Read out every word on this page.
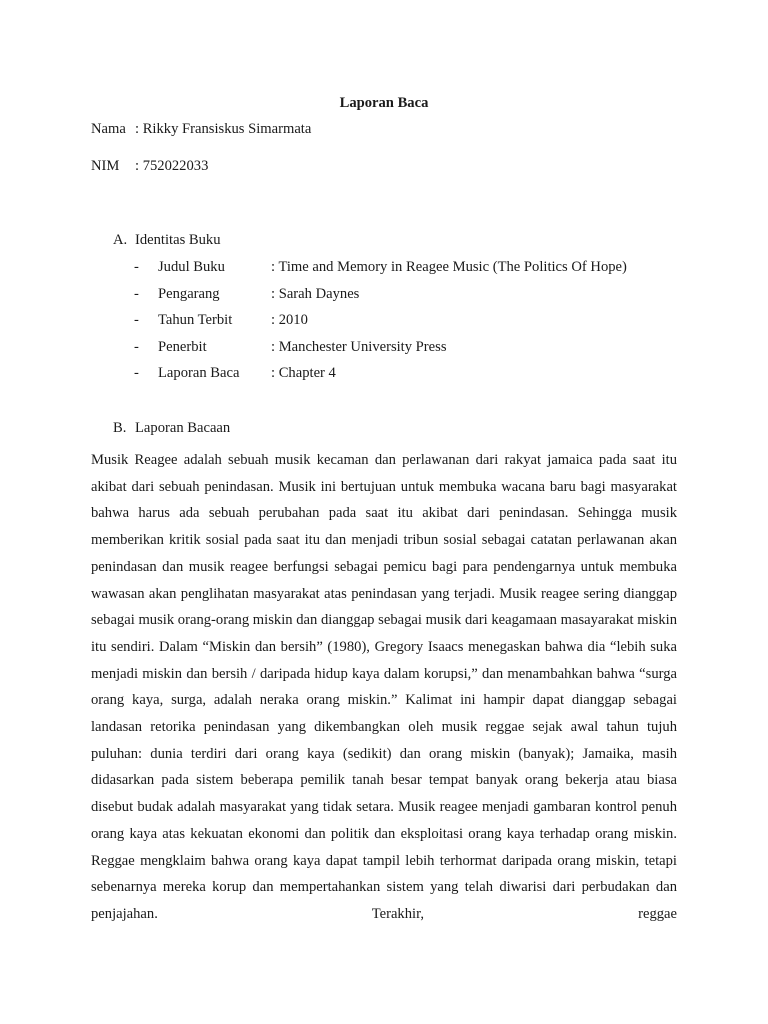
Laporan Baca
Nama : Rikky Fransiskus Simarmata
NIM : 752022033
A. Identitas Buku
- Judul Buku	: Time and Memory in Reagee Music (The Politics Of Hope)
- Pengarang	: Sarah Daynes
- Tahun Terbit	: 2010
- Penerbit	: Manchester University Press
- Laporan Baca : Chapter 4
B. Laporan Bacaan

Musik Reagee adalah sebuah musik kecaman dan perlawanan dari rakyat jamaica pada saat itu akibat dari sebuah penindasan. Musik ini bertujuan untuk membuka wacana baru bagi masyarakat bahwa harus ada sebuah perubahan pada saat itu akibat dari penindasan. Sehingga musik memberikan kritik sosial pada saat itu dan menjadi tribun sosial sebagai catatan perlawanan akan penindasan dan musik reagee berfungsi sebagai pemicu bagi para pendengarnya untuk membuka wawasan akan penglihatan masyarakat atas penindasan yang terjadi. Musik reagee sering dianggap sebagai musik orang-orang miskin dan dianggap sebagai musik dari keagamaan masayarakat miskin itu sendiri. Dalam “Miskin dan bersih” (1980), Gregory Isaacs menegaskan bahwa dia “lebih suka menjadi miskin dan bersih / daripada hidup kaya dalam korupsi,” dan menambahkan bahwa “surga orang kaya, surga, adalah neraka orang miskin.” Kalimat ini hampir dapat dianggap sebagai landasan retorika penindasan yang dikembangkan oleh musik reggae sejak awal tahun tujuh puluhan: dunia terdiri dari orang kaya (sedikit) dan orang miskin (banyak); Jamaika, masih didasarkan pada sistem beberapa pemilik tanah besar tempat banyak orang bekerja atau biasa disebut budak adalah masyarakat yang tidak setara. Musik reagee menjadi gambaran kontrol penuh orang kaya atas kekuatan ekonomi dan politik dan eksploitasi orang kaya terhadap orang miskin. Reggae mengklaim bahwa orang kaya dapat tampil lebih terhormat daripada orang miskin, tetapi sebenarnya mereka korup dan mempertahankan sistem yang telah diwarisi dari perbudakan dan penjajahan. Terakhir, reggae
